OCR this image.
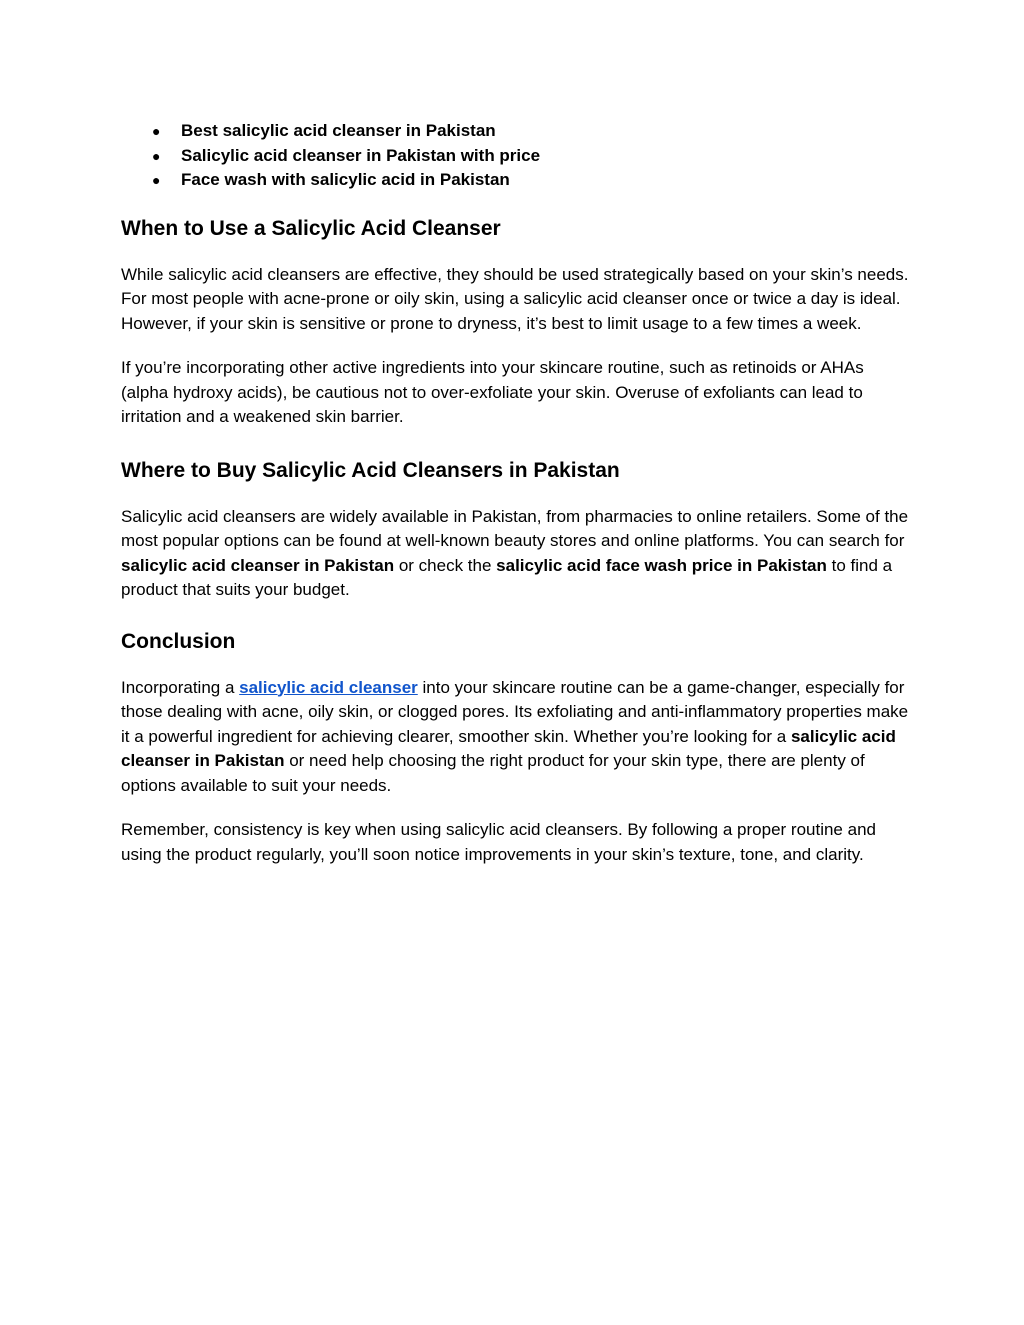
● Best salicylic acid cleanser in Pakistan
● Salicylic acid cleanser in Pakistan with price
● Face wash with salicylic acid in Pakistan
When to Use a Salicylic Acid Cleanser

While salicylic acid cleansers are effective, they should be used strategically based on your skin’s needs. For most people with acne-prone or oily skin, using a salicylic acid cleanser once or twice a day is ideal. However, if your skin is sensitive or prone to dryness, it’s best to limit usage to a few times a week.

If you’re incorporating other active ingredients into your skincare routine, such as retinoids or AHAs (alpha hydroxy acids), be cautious not to over-exfoliate your skin. Overuse of exfoliants can lead to irritation and a weakened skin barrier.

Where to Buy Salicylic Acid Cleansers in Pakistan

Salicylic acid cleansers are widely available in Pakistan, from pharmacies to online retailers. Some of the most popular options can be found at well-known beauty stores and online platforms. You can search for salicylic acid cleanser in Pakistan or check the salicylic acid face wash price in Pakistan to find a product that suits your budget.

Conclusion

Incorporating a salicylic acid cleanser into your skincare routine can be a game-changer, especially for those dealing with acne, oily skin, or clogged pores. Its exfoliating and anti-inflammatory properties make it a powerful ingredient for achieving clearer, smoother skin. Whether you’re looking for a salicylic acid cleanser in Pakistan or need help choosing the right product for your skin type, there are plenty of options available to suit your needs.

Remember, consistency is key when using salicylic acid cleansers. By following a proper routine and using the product regularly, you’ll soon notice improvements in your skin’s texture, tone, and clarity.
